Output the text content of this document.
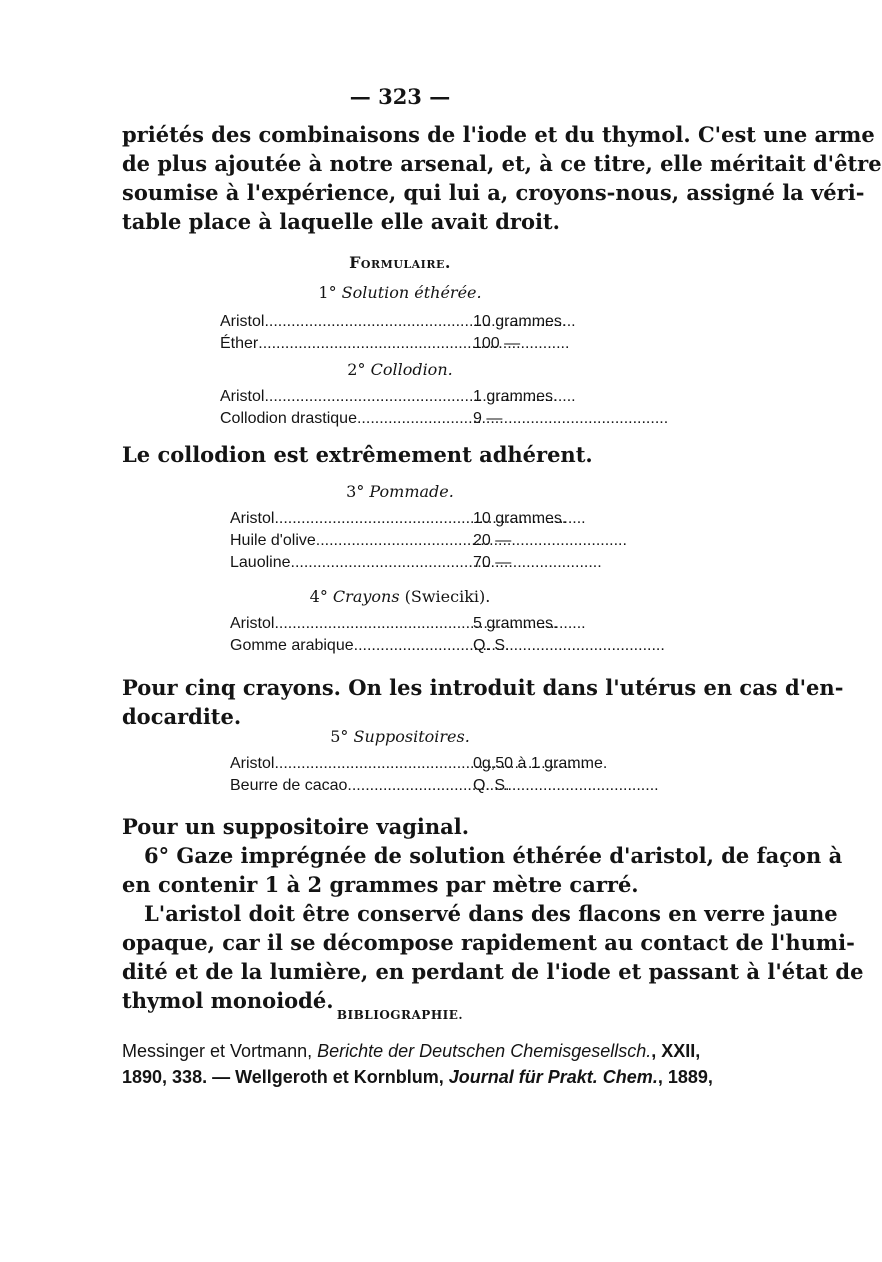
— 323 —
priétés des combinaisons de l'iode et du thymol. C'est une arme
de plus ajoutée à notre arsenal, et, à ce titre, elle méritait d'être
soumise à l'expérience, qui lui a, croyons-nous, assigné la véri-
table place à laquelle elle avait droit.
Formulaire.
1° Solution éthérée.
Aristol .....	10 grammes.
Éther .....	100 —
2° Collodion.
Aristol .....	1 grammes.
Collodion drastique .....	9 —
Le collodion est extrêmement adhérent.
3° Pommade.
Aristol .....	10 grammes.
Huile d'olive .....	20 —
Lauoline .....	70 —
4° Crayons (Swieciki).
Aristol .....	5 grammes.
Gomme arabique .....	Q. S.
Pour cinq crayons. On les introduit dans l'utérus en cas d'en-
docardite.
5° Suppositoires.
Aristol .....	0g,50 à 1 gramme.
Beurre de cacao .....	Q. S.
Pour un suppositoire vaginal.
6° Gaze imprégnée de solution éthérée d'aristol, de façon à
en contenir 1 à 2 grammes par mètre carré.
L'aristol doit être conservé dans des flacons en verre jaune
opaque, car il se décompose rapidement au contact de l'humi-
dité et de la lumière, en perdant de l'iode et passant à l'état de
thymol monoiodé.
BIBLIOGRAPHIE.
Messinger et Vortmann, Berichte der Deutschen Chemisgesellsch., XXII,
1890, 338. — Wellgeroth et Kornblum, Journal für Prakt. Chem., 1889,
